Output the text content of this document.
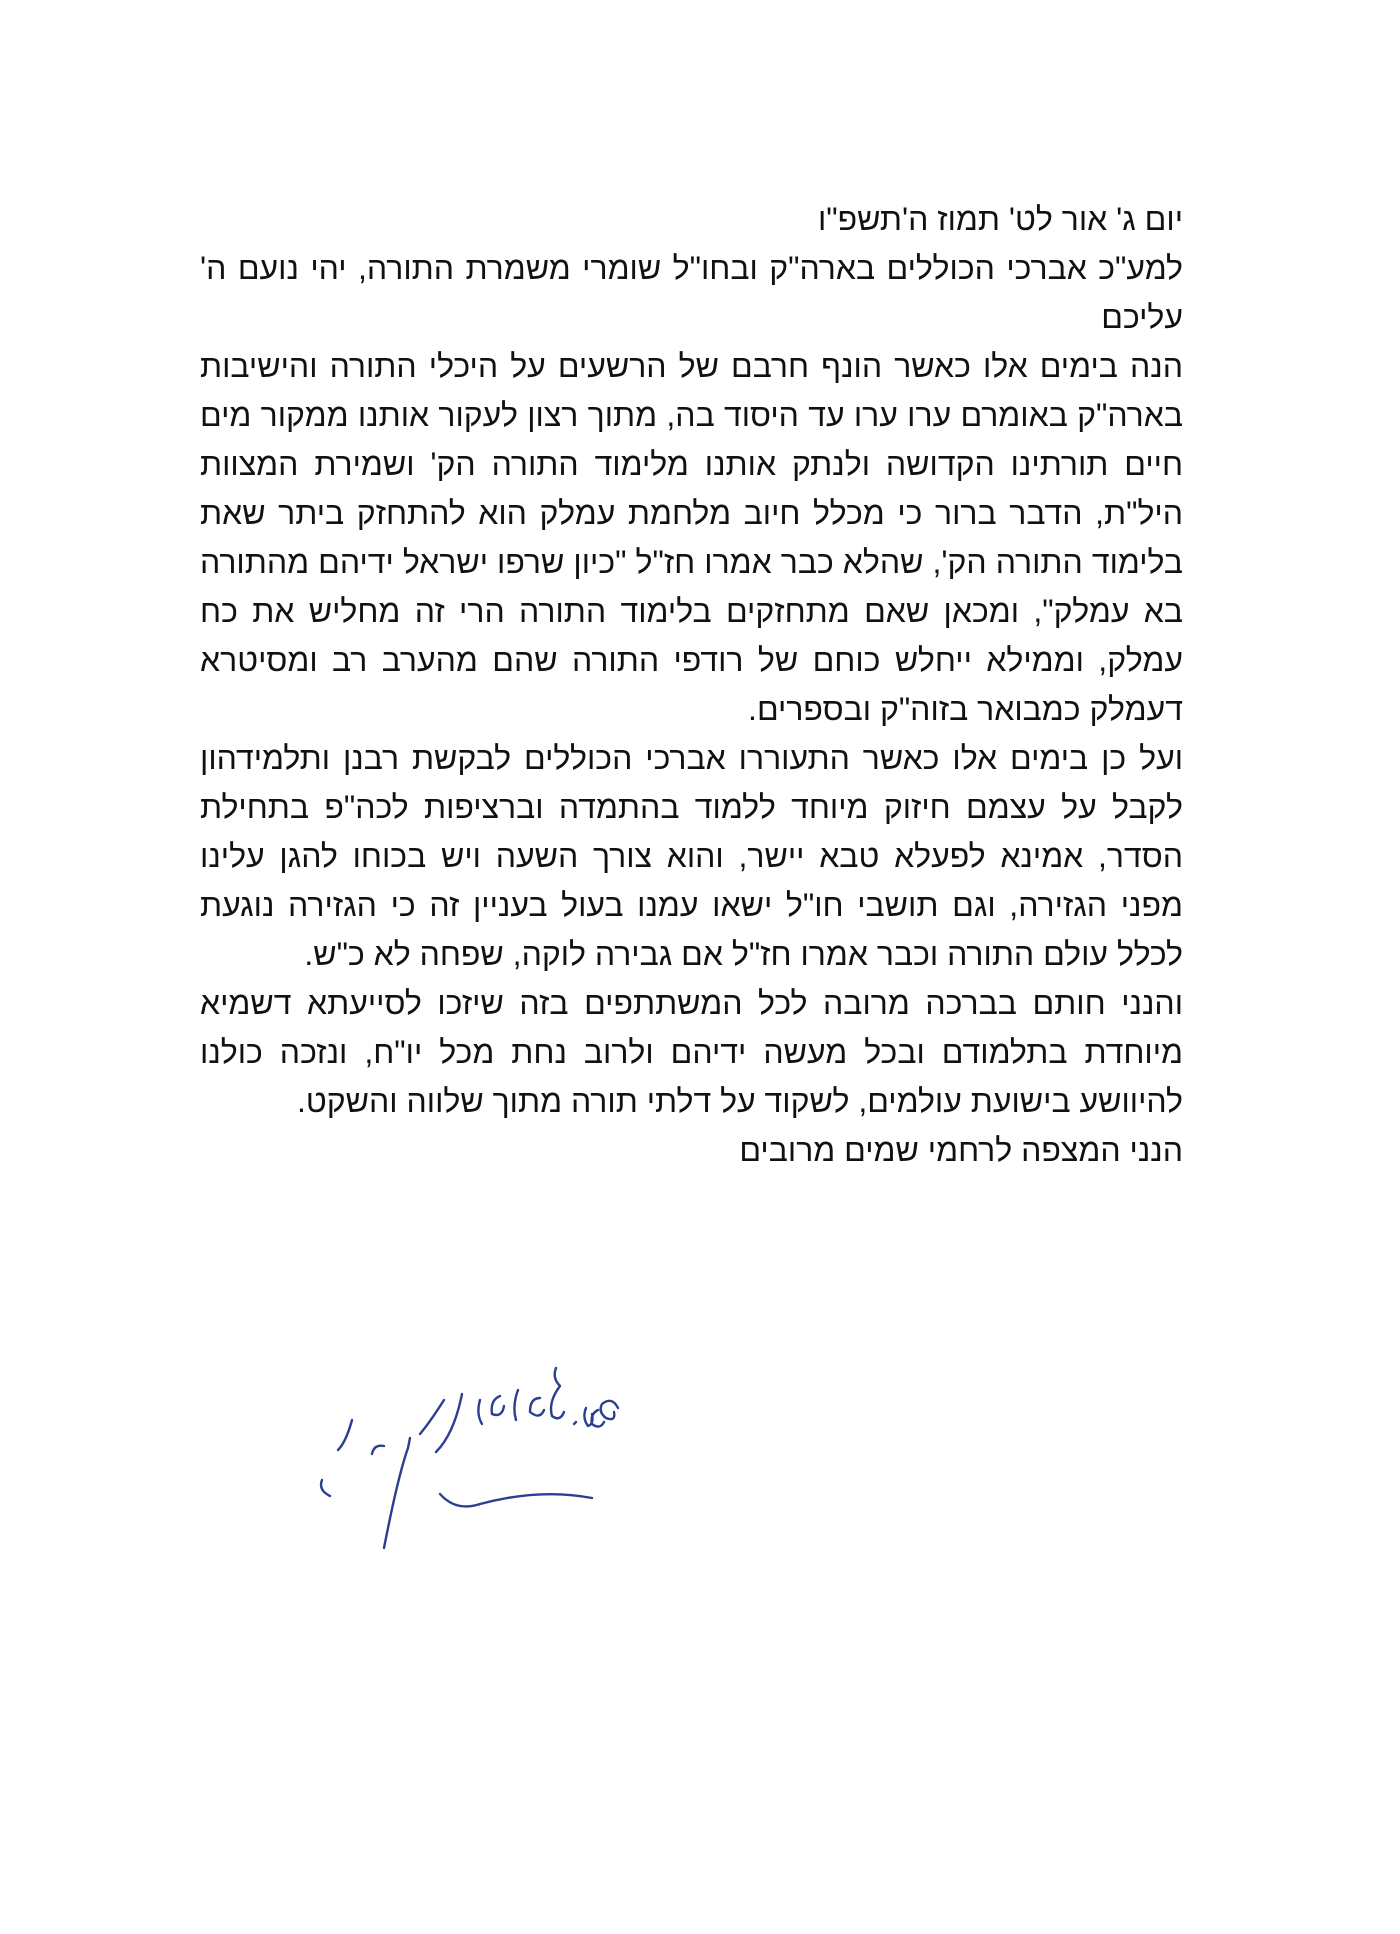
יום ג' אור לט' תמוז ה'תשפ"ו

למע"כ אברכי הכוללים בארה"ק ובחו"ל שומרי משמרת התורה, יהי נועם ה' עליכם

הנה בימים אלו כאשר הונף חרבם של הרשעים על היכלי התורה והישיבות בארה"ק באומרם ערו ערו עד היסוד בה, מתוך רצון לעקור אותנו ממקור מים חיים תורתינו הקדושה ולנתק אותנו מלימוד התורה הק' ושמירת המצוות היל"ת, הדבר ברור כי מכלל חיוב מלחמת עמלק הוא להתחזק ביתר שאת בלימוד התורה הק', שהלא כבר אמרו חז"ל "כיון שרפו ישראל ידיהם מהתורה בא עמלק", ומכאן שאם מתחזקים בלימוד התורה הרי זה מחליש את כח עמלק, וממילא ייחלש כוחם של רודפי התורה שהם מהערב רב ומסיטרא דעמלק כמבואר בזוה"ק ובספרים.

ועל כן בימים אלו כאשר התעוררו אברכי הכוללים לבקשת רבנן ותלמידהון לקבל על עצמם חיזוק מיוחד ללמוד בהתמדה וברציפות לכה"פ בתחילת הסדר, אמינא לפעלא טבא יישר, והוא צורך השעה ויש בכוחו להגן עלינו מפני הגזירה, וגם תושבי חו"ל ישאו עמנו בעול בעניין זה כי הגזירה נוגעת לכלל עולם התורה וכבר אמרו חז"ל אם גבירה לוקה, שפחה לא כ"ש.

והנני חותם בברכה מרובה לכל המשתתפים בזה שיזכו לסייעתא דשמיא מיוחדת בתלמודם ובכל מעשה ידיהם ולרוב נחת מכל יו"ח, ונזכה כולנו להיוושע בישועת עולמים, לשקוד על דלתי תורה מתוך שלווה והשקט.

הנני המצפה לרחמי שמים מרובים
